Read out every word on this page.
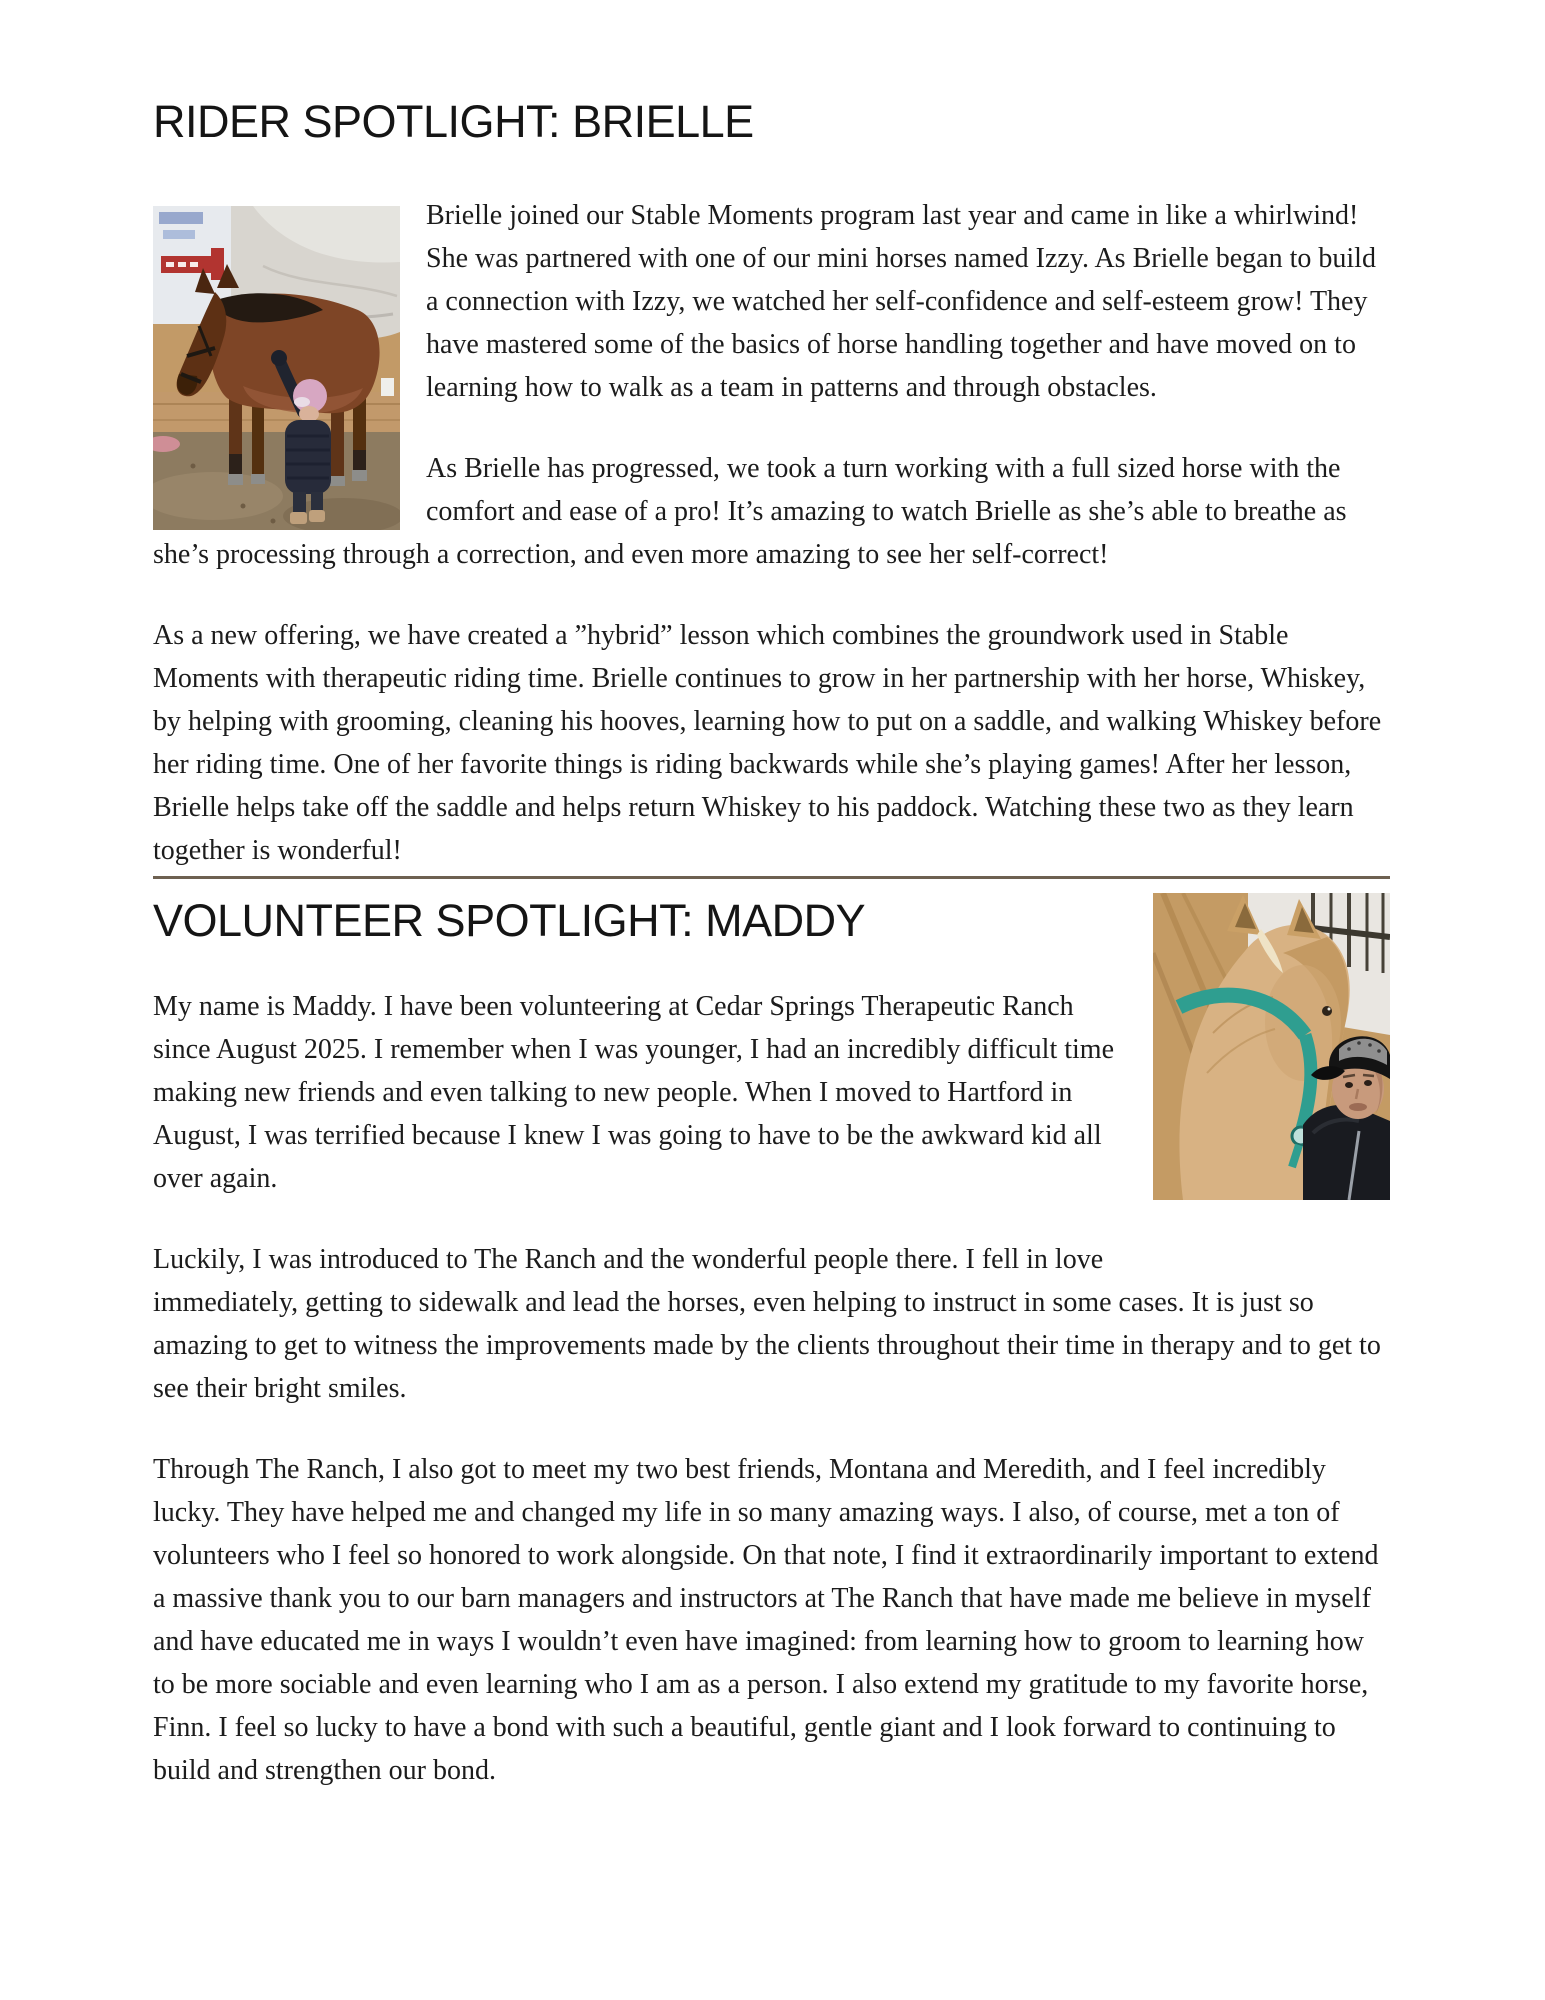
RIDER SPOTLIGHT: BRIELLE

Brielle joined our Stable Moments program last year and came in like a whirlwind! She was partnered with one of our mini horses named Izzy. As Brielle began to build a connection with Izzy, we watched her self-confidence and self-esteem grow! They have mastered some of the basics of horse handling together and have moved on to learning how to walk as a team in patterns and through obstacles.

As Brielle has progressed, we took a turn working with a full sized horse with the comfort and ease of a pro! It’s amazing to watch Brielle as she’s able to breathe as she’s processing through a correction, and even more amazing to see her self-correct!

As a new offering, we have created a ”hybrid” lesson which combines the groundwork used in Stable Moments with therapeutic riding time. Brielle continues to grow in her partnership with her horse, Whiskey, by helping with grooming, cleaning his hooves, learning how to put on a saddle, and walking Whiskey before her riding time. One of her favorite things is riding backwards while she’s playing games! After her lesson, Brielle helps take off the saddle and helps return Whiskey to his paddock. Watching these two as they learn together is wonderful!

VOLUNTEER SPOTLIGHT: MADDY

My name is Maddy. I have been volunteering at Cedar Springs Therapeutic Ranch since August 2025. I remember when I was younger, I had an incredibly difficult time making new friends and even talking to new people. When I moved to Hartford in August, I was terrified because I knew I was going to have to be the awkward kid all over again.

Luckily, I was introduced to The Ranch and the wonderful people there. I fell in love immediately, getting to sidewalk and lead the horses, even helping to instruct in some cases. It is just so amazing to get to witness the improvements made by the clients throughout their time in therapy and to get to see their bright smiles.

Through The Ranch, I also got to meet my two best friends, Montana and Meredith, and I feel incredibly lucky. They have helped me and changed my life in so many amazing ways. I also, of course, met a ton of volunteers who I feel so honored to work alongside. On that note, I find it extraordinarily important to extend a massive thank you to our barn managers and instructors at The Ranch that have made me believe in myself and have educated me in ways I wouldn’t even have imagined: from learning how to groom to learning how to be more sociable and even learning who I am as a person. I also extend my gratitude to my favorite horse, Finn. I feel so lucky to have a bond with such a beautiful, gentle giant and I look forward to continuing to build and strengthen our bond.
